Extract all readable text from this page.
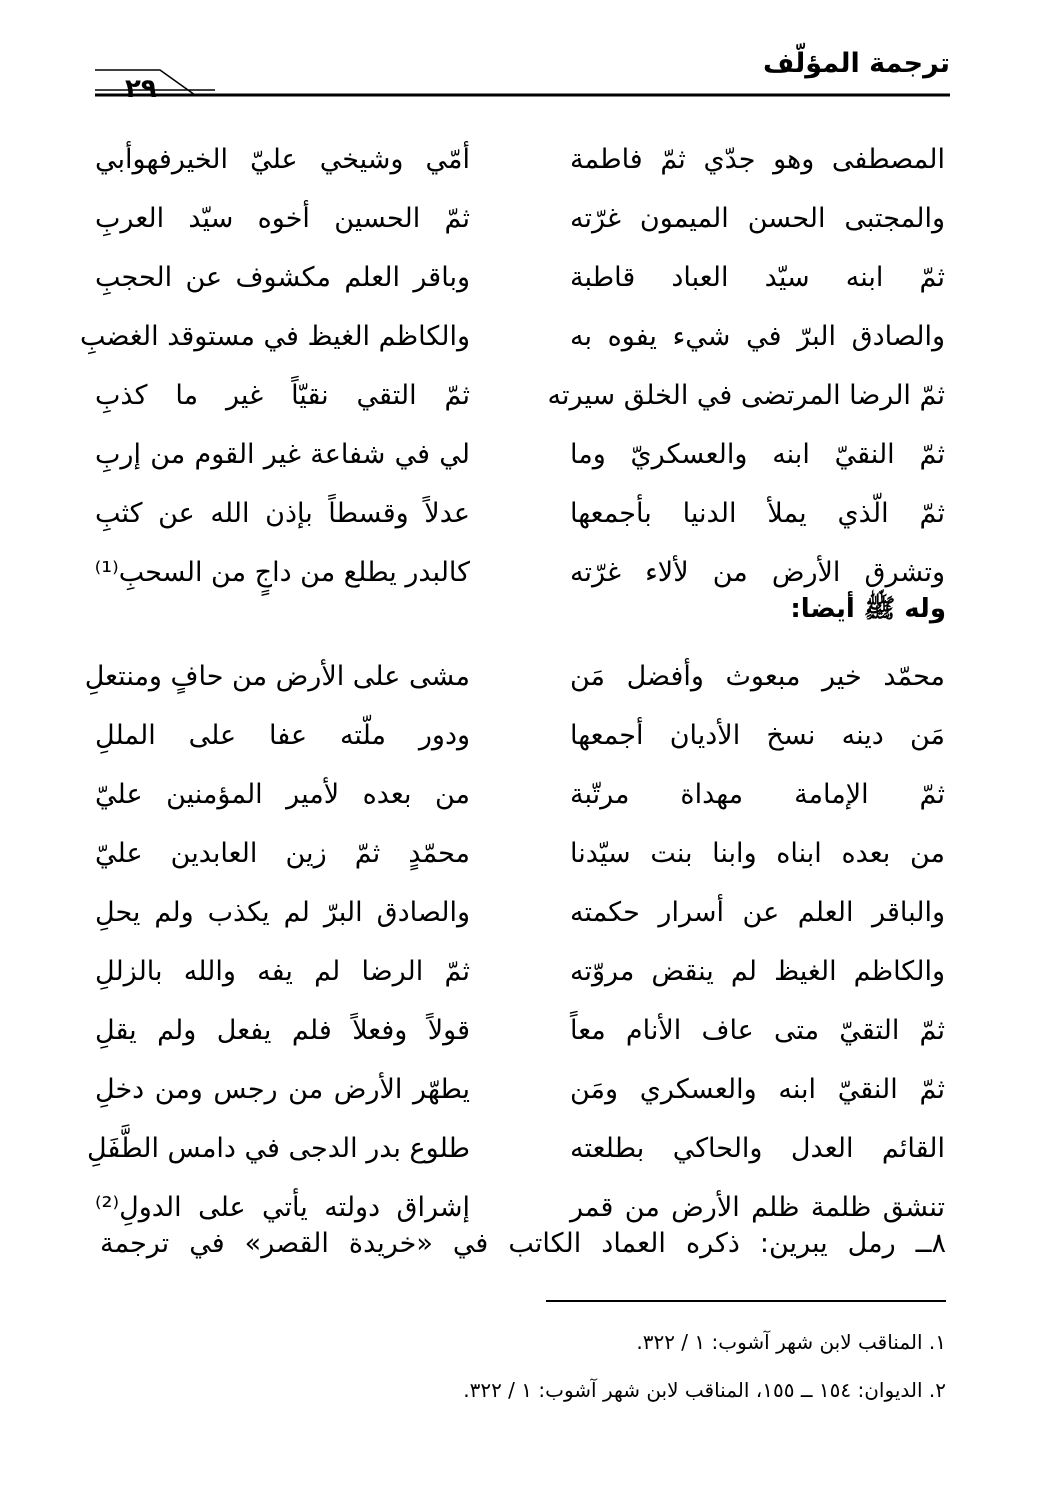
٢٩
ترجمة المؤلّف
المصطفى وهو جدّي ثمّ فاطمة
أمّي وشيخي عليّ الخيرفهوأبي
والمجتبى الحسن الميمون غرّته
ثمّ الحسين أخوه سيّد العربِ
ثمّ ابنه سيّد العباد قاطبة
وباقر العلم مكشوف عن الحجبِ
والصادق البرّ في شيء يفوه به
والكاظم الغيظ في مستوقد الغضبِ
ثمّ الرضا المرتضى في الخلق سيرته
ثمّ التقي نقيّاً غير ما كذبِ
ثمّ النقيّ ابنه والعسكريّ وما
لي في شفاعة غير القوم من إربِ
ثمّ الّذي يملأ الدنيا بأجمعها
عدلاً وقسطاً بإذن الله عن كثبِ
وتشرق الأرض من لألاء غرّته
كالبدر يطلع من داجٍ من السحبِ⁽¹⁾
وله ﷺ أيضا:
محمّد خير مبعوث وأفضل مَن
مشى على الأرض من حافٍ ومنتعلِ
مَن دينه نسخ الأديان أجمعها
ودور ملّته عفا على المللِ
ثمّ الإمامة مهداة مرتّبة
من بعده لأمير المؤمنين عليّ
من بعده ابناه وابنا بنت سيّدنا
محمّدٍ ثمّ زين العابدين عليّ
والباقر العلم عن أسرار حكمته
والصادق البرّ لم يكذب ولم يحلِ
والكاظم الغيظ لم ينقض مروّته
ثمّ الرضا لم يفه والله بالزللِ
ثمّ التقيّ متى عاف الأنام معاً
قولاً وفعلاً فلم يفعل ولم يقلِ
ثمّ النقيّ ابنه والعسكري ومَن
يطهّر الأرض من رجس ومن دخلِ
القائم العدل والحاكي بطلعته
طلوع بدر الدجى في دامس الطَّفَلِ
تنشق ظلمة ظلم الأرض من قمر
إشراق دولته يأتي على الدولِ⁽²⁾
٨ــ رمل يبرين: ذكره العماد الكاتب في «خريدة القصر» في ترجمة
١. المناقب لابن شهر آشوب: ١ / ٣٢٢.
٢. الديوان: ١٥٤ ــ ١٥٥، المناقب لابن شهر آشوب: ١ / ٣٢٢.
